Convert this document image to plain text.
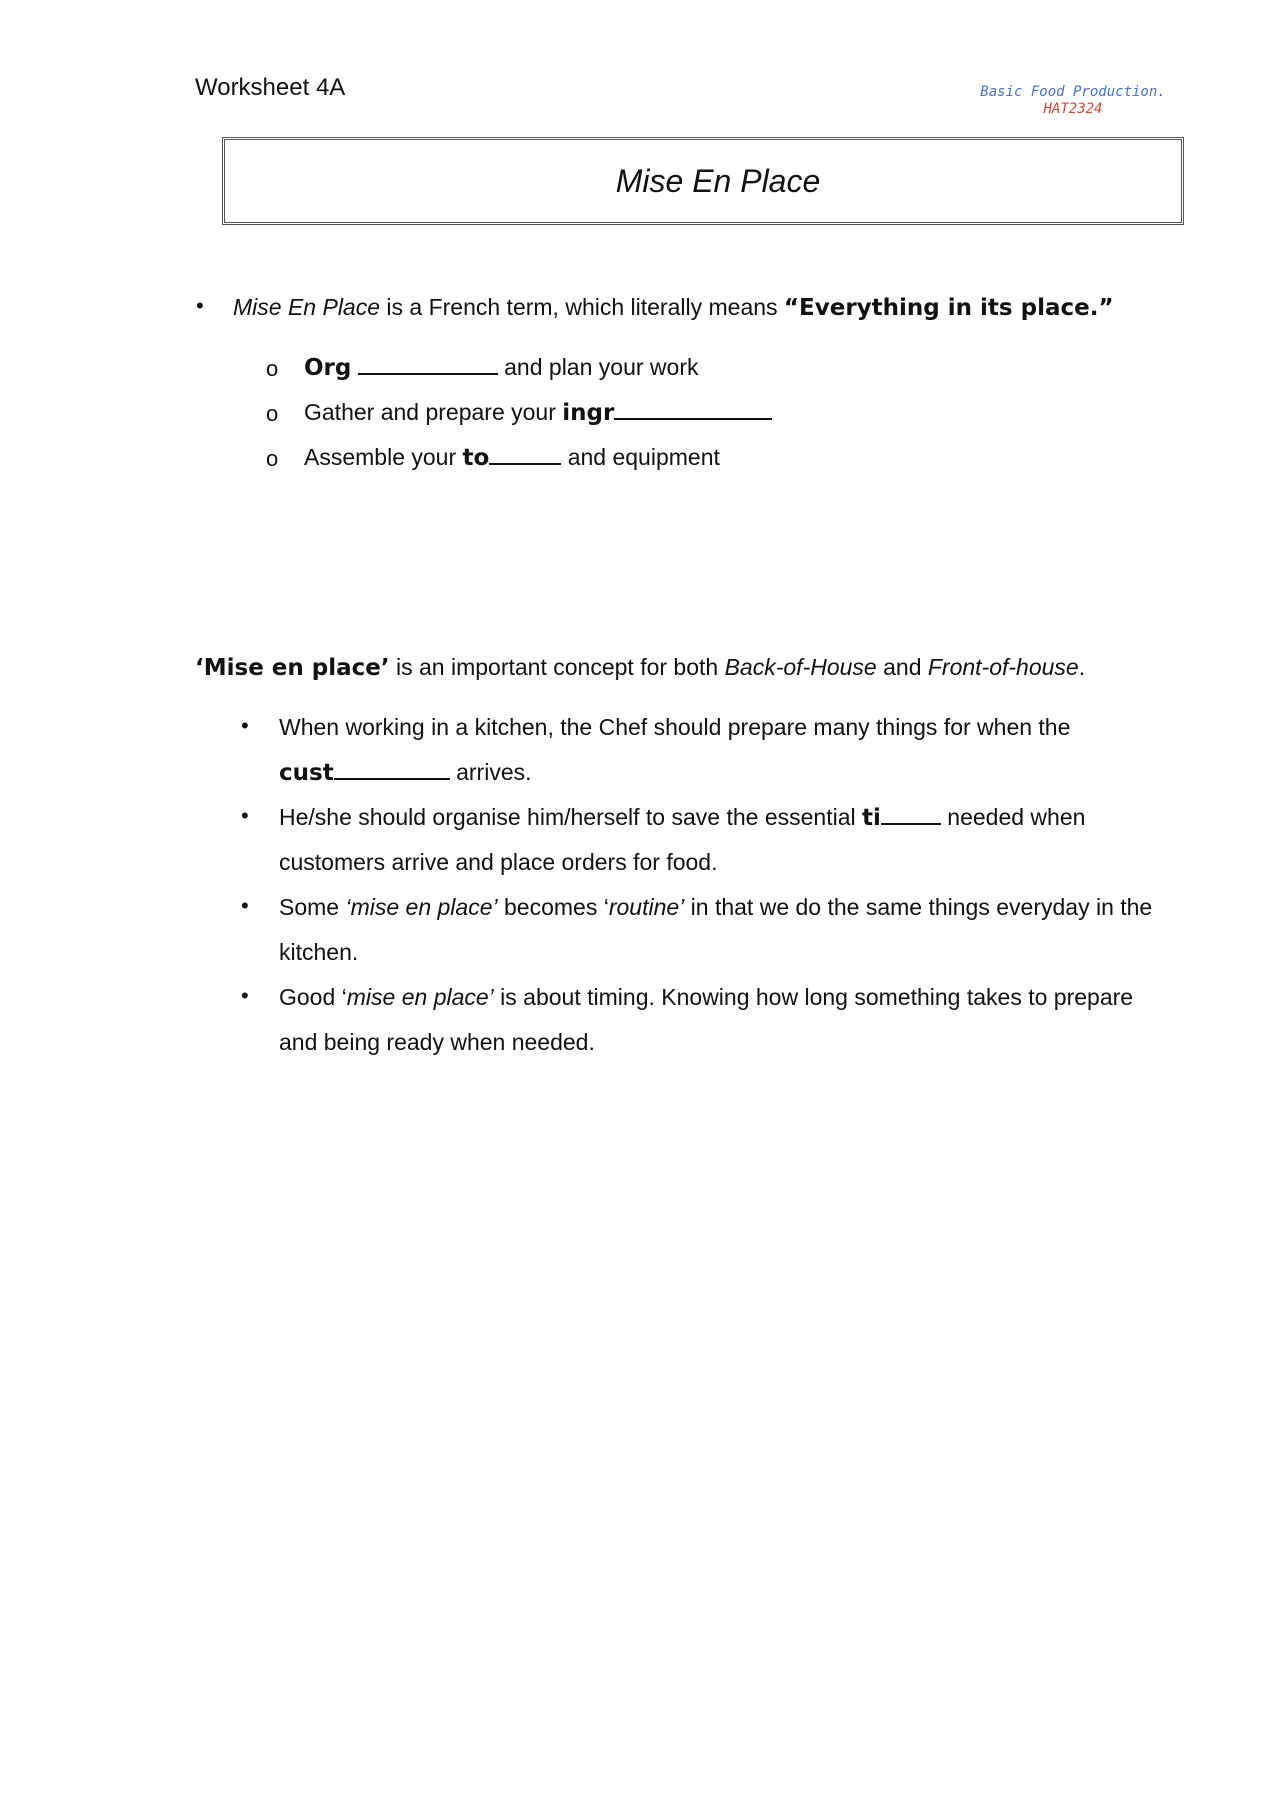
Worksheet 4A	Basic Food Production.
HAT2324
Mise En Place
• Mise En Place is a French term, which literally means “Everything in its place.”
o Org	and plan your work
o Gather and prepare your ingr
o Assemble your to	and equipment
‘Mise en place’ is an important concept for both Back-of-House and Front-of-house.
• When working in a kitchen, the Chef should prepare many things for when the
cust	arrives.
• He/she should organise him/herself to save the essential ti	needed when
customers arrive and place orders for food.
• Some ‘mise en place’ becomes ‘routine’ in that we do the same things everyday in the
kitchen.
• Good ‘mise en place’ is about timing. Knowing how long something takes to prepare
and being ready when needed.
